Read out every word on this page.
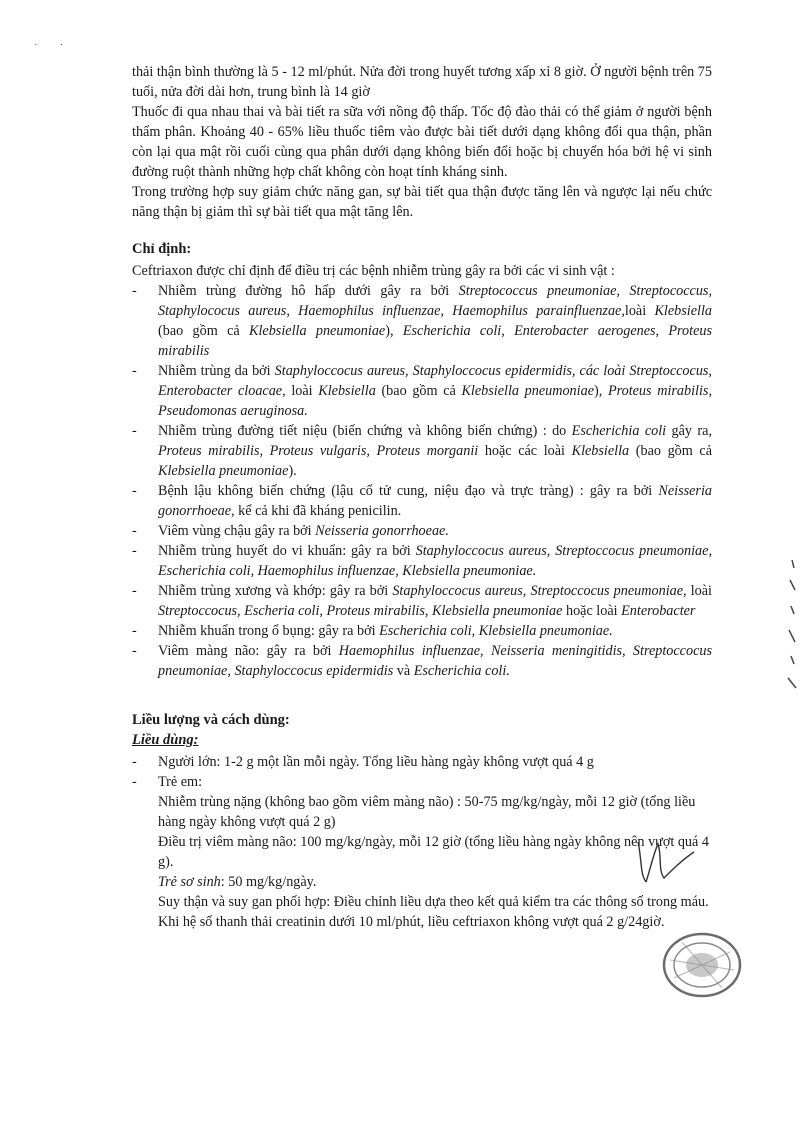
· ·

thải thận bình thường là 5 - 12 ml/phút. Nửa đời trong huyết tương xấp xỉ 8 giờ. Ở người bệnh trên 75 tuổi, nửa đời dài hơn, trung bình là 14 giờ

Thuốc đi qua nhau thai và bài tiết ra sữa với nồng độ thấp. Tốc độ đào thải có thể giảm ở người bệnh thẩm phân. Khoảng 40 - 65% liều thuốc tiêm vào được bài tiết dưới dạng không đổi qua thận, phần còn lại qua mật rồi cuối cùng qua phân dưới dạng không biến đổi hoặc bị chuyển hóa bởi hệ vi sinh đường ruột thành những hợp chất không còn hoạt tính kháng sinh.

Trong trường hợp suy giảm chức năng gan, sự bài tiết qua thận được tăng lên và ngược lại nếu chức năng thận bị giảm thì sự bài tiết qua mật tăng lên.

Chỉ định:
Ceftriaxon được chỉ định để điều trị các bệnh nhiễm trùng gây ra bởi các vi sinh vật :
- Nhiễm trùng đường hô hấp dưới gây ra bởi Streptococcus pneumoniae, Streptococcus, Staphylococus aureus, Haemophilus influenzae, Haemophilus parainfluenzae,loài Klebsiella (bao gồm cả Klebsiella pneumoniae), Escherichia coli, Enterobacter aerogenes, Proteus mirabilis
- Nhiễm trùng da bởi Staphyloccocus aureus, Staphyloccocus epidermidis, các loài Streptoccocus, Enterobacter cloacae, loài Klebsiella (bao gồm cả Klebsiella pneumoniae), Proteus mirabilis, Pseudomonas aeruginosa.
- Nhiễm trùng đường tiết niệu (biến chứng và không biến chứng) : do Escherichia coli gây ra, Proteus mirabilis, Proteus vulgaris, Proteus morganii hoặc các loài Klebsiella (bao gồm cả Klebsiella pneumoniae).
- Bệnh lậu không biến chứng (lậu cổ tử cung, niệu đạo và trực tràng) : gây ra bởi Neisseria gonorrhoeae, kể cả khi đã kháng penicilin.
- Viêm vùng chậu gây ra bởi Neisseria gonorrhoeae.
- Nhiễm trùng huyết do vi khuẩn: gây ra bởi Staphyloccocus aureus, Streptoccocus pneumoniae, Escherichia coli, Haemophilus influenzae, Klebsiella pneumoniae.
- Nhiễm trùng xương và khớp: gây ra bởi Staphyloccocus aureus, Streptoccocus pneumoniae, loài Streptoccocus, Escheria coli, Proteus mirabilis, Klebsiella pneumoniae hoặc loài Enterobacter
- Nhiễm khuẩn trong ổ bụng: gây ra bởi Escherichia coli, Klebsiella pneumoniae.
- Viêm màng não: gây ra bởi Haemophilus influenzae, Neisseria meningitidis, Streptoccocus pneumoniae, Staphyloccocus epidermidis và Escherichia coli.
Liều lượng và cách dùng:
Liều dùng:
- Người lớn: 1-2 g một lần mỗi ngày. Tổng liều hàng ngày không vượt quá 4 g
- Trẻ em:
Nhiễm trùng nặng (không bao gồm viêm màng não) : 50-75 mg/kg/ngày, mỗi 12 giờ (tổng liều hàng ngày không vượt quá 2 g)
Điều trị viêm màng não: 100 mg/kg/ngày, mỗi 12 giờ (tổng liều hàng ngày không nên vượt quá 4 g).
Trẻ sơ sinh: 50 mg/kg/ngày.
Suy thận và suy gan phối hợp: Điều chỉnh liều dựa theo kết quả kiểm tra các thông số trong máu. Khi hệ số thanh thải creatinin dưới 10 ml/phút, liều ceftriaxon không vượt quá 2 g/24giờ.
